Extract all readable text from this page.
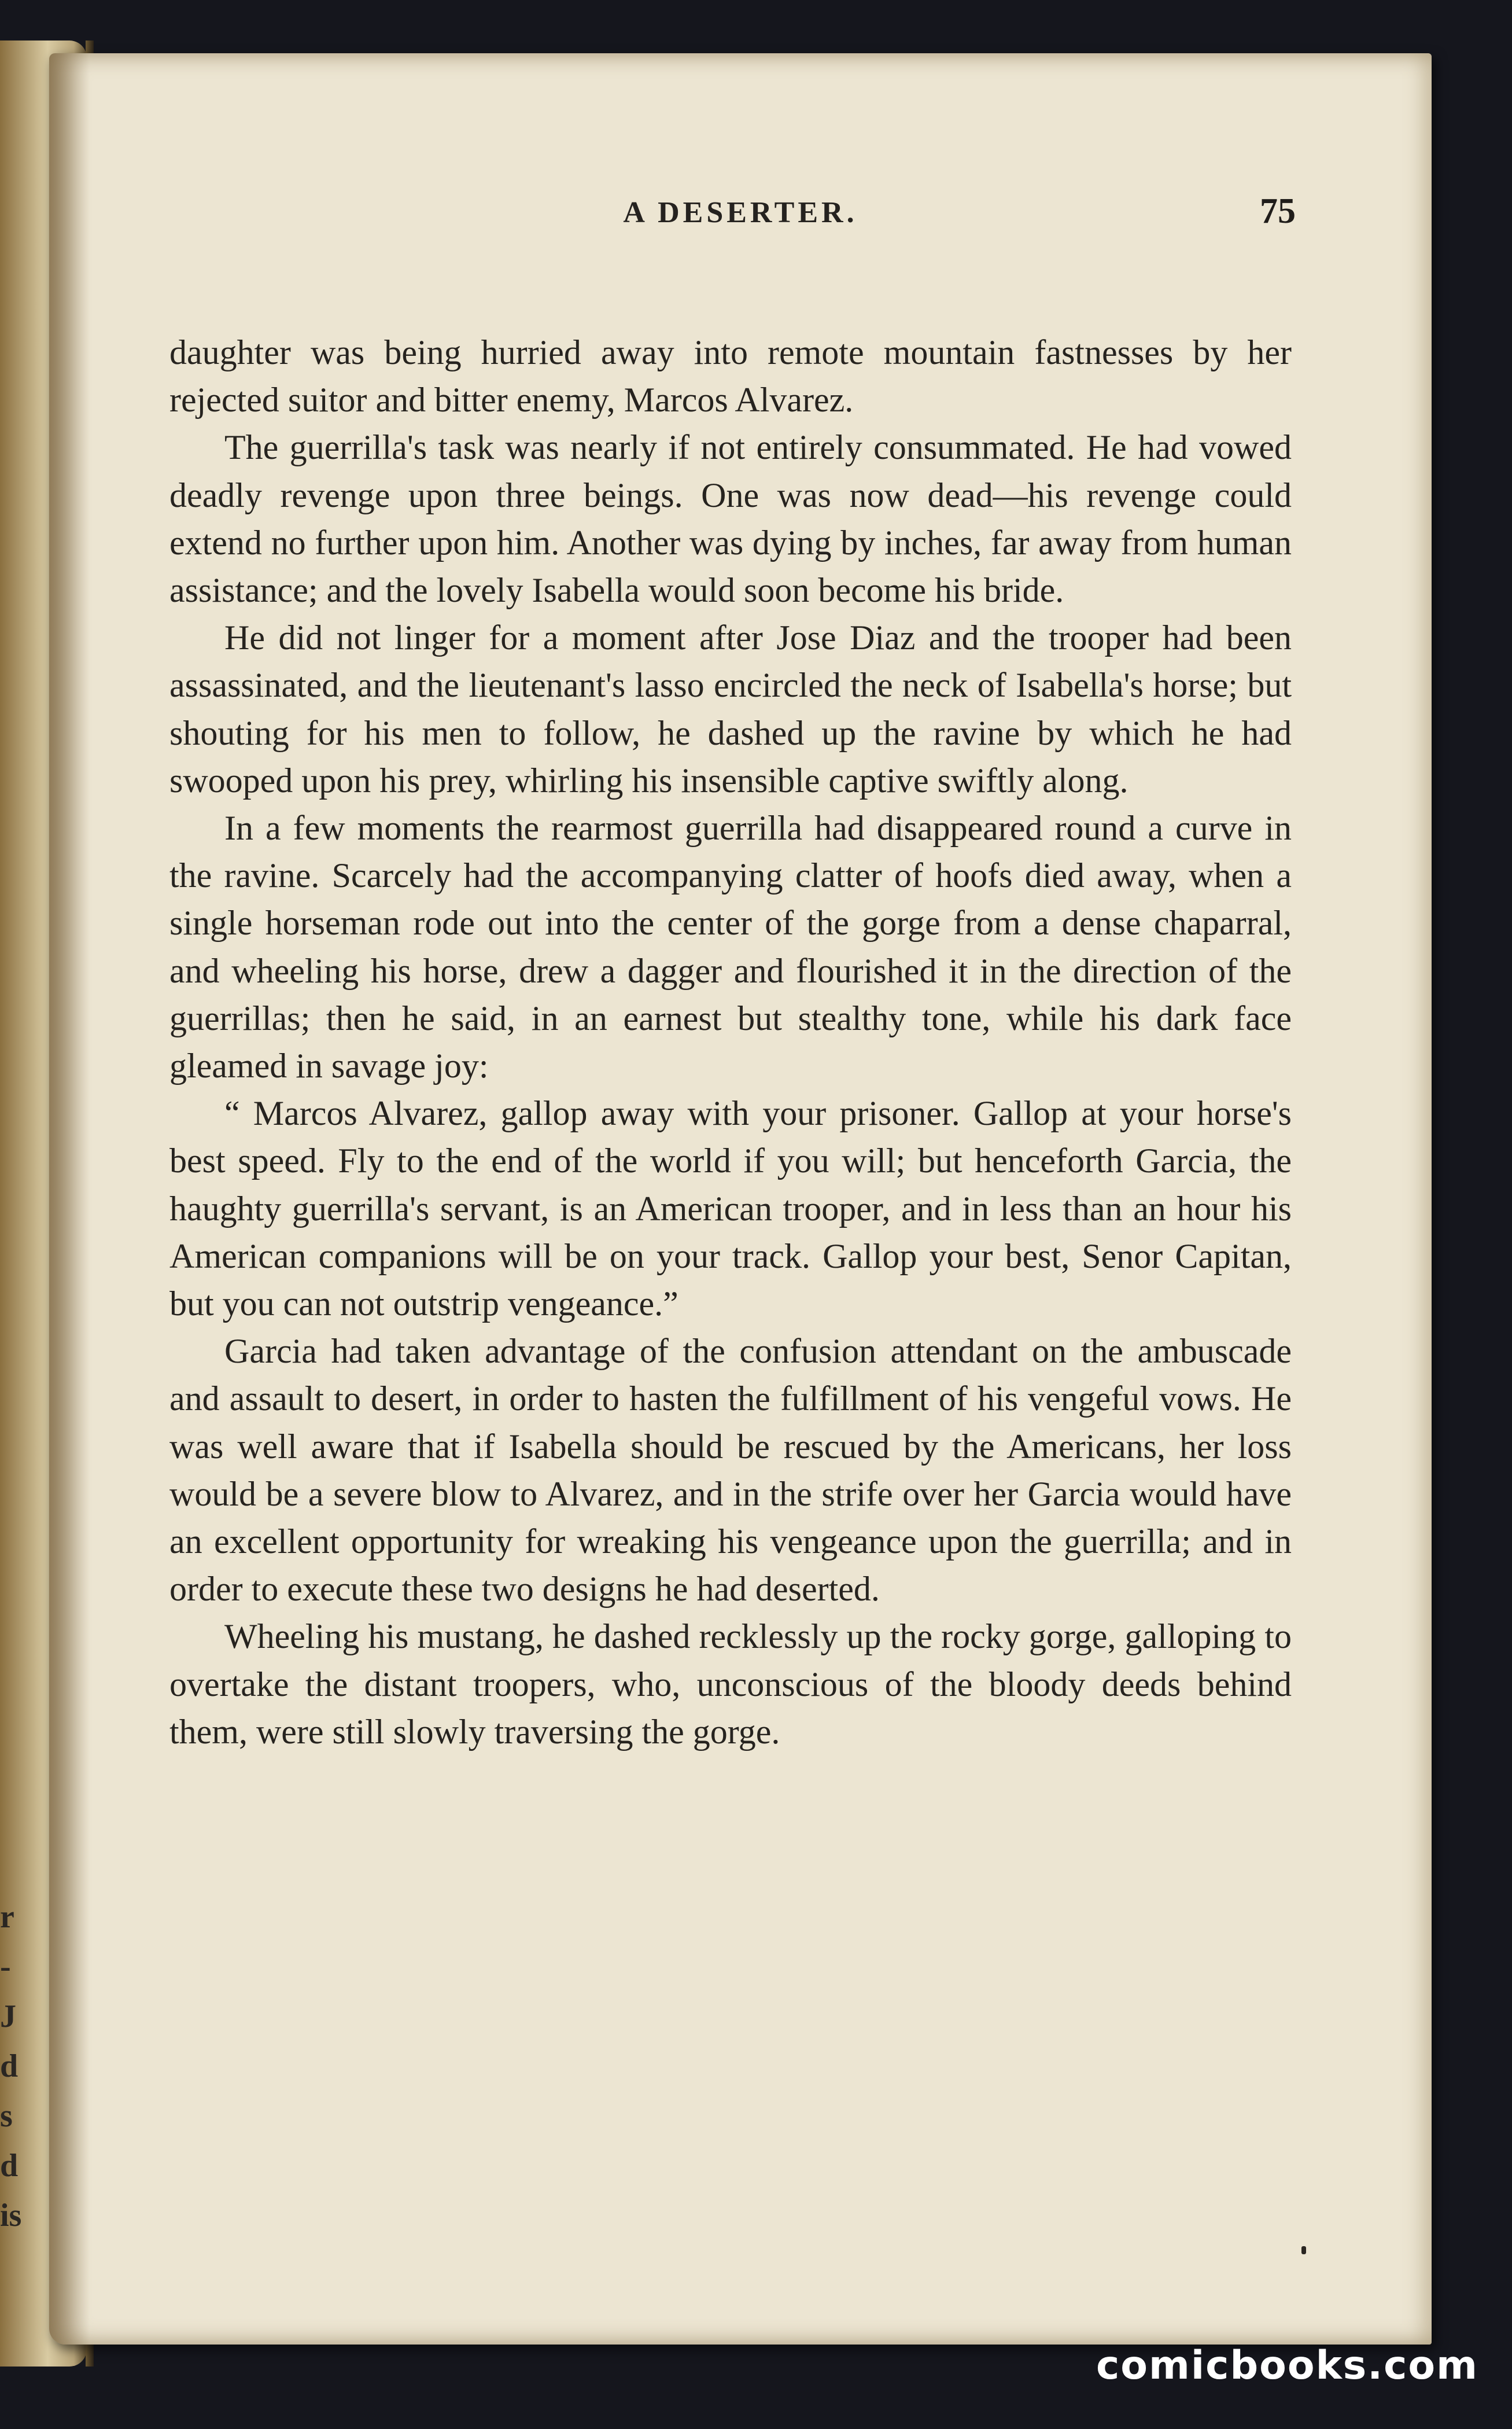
r
-J
d
s
d
is
A DESERTER.	75

daughter was being hurried away into remote mountain fastnesses by her rejected suitor and bitter enemy, Marcos Alvarez.

The guerrilla's task was nearly if not entirely consummated. He had vowed deadly revenge upon three beings. One was now dead—his revenge could extend no further upon him. Another was dying by inches, far away from human assistance; and the lovely Isabella would soon become his bride.

He did not linger for a moment after Jose Diaz and the trooper had been assassinated, and the lieutenant's lasso encircled the neck of Isabella's horse; but shouting for his men to follow, he dashed up the ravine by which he had swooped upon his prey, whirling his insensible captive swiftly along.

In a few moments the rearmost guerrilla had disappeared round a curve in the ravine. Scarcely had the accompanying clatter of hoofs died away, when a single horseman rode out into the center of the gorge from a dense chaparral, and wheeling his horse, drew a dagger and flourished it in the direction of the guerrillas; then he said, in an earnest but stealthy tone, while his dark face gleamed in savage joy:

“ Marcos Alvarez, gallop away with your prisoner. Gallop at your horse's best speed. Fly to the end of the world if you will; but henceforth Garcia, the haughty guerrilla's servant, is an American trooper, and in less than an hour his American companions will be on your track. Gallop your best, Senor Capitan, but you can not outstrip vengeance.”

Garcia had taken advantage of the confusion attendant on the ambuscade and assault to desert, in order to hasten the fulfillment of his vengeful vows. He was well aware that if Isabella should be rescued by the Americans, her loss would be a severe blow to Alvarez, and in the strife over her Garcia would have an excellent opportunity for wreaking his vengeance upon the guerrilla; and in order to execute these two designs he had deserted.

Wheeling his mustang, he dashed recklessly up the rocky gorge, galloping to overtake the distant troopers, who, unconscious of the bloody deeds behind them, were still slowly traversing the gorge.

comicbooks.com
